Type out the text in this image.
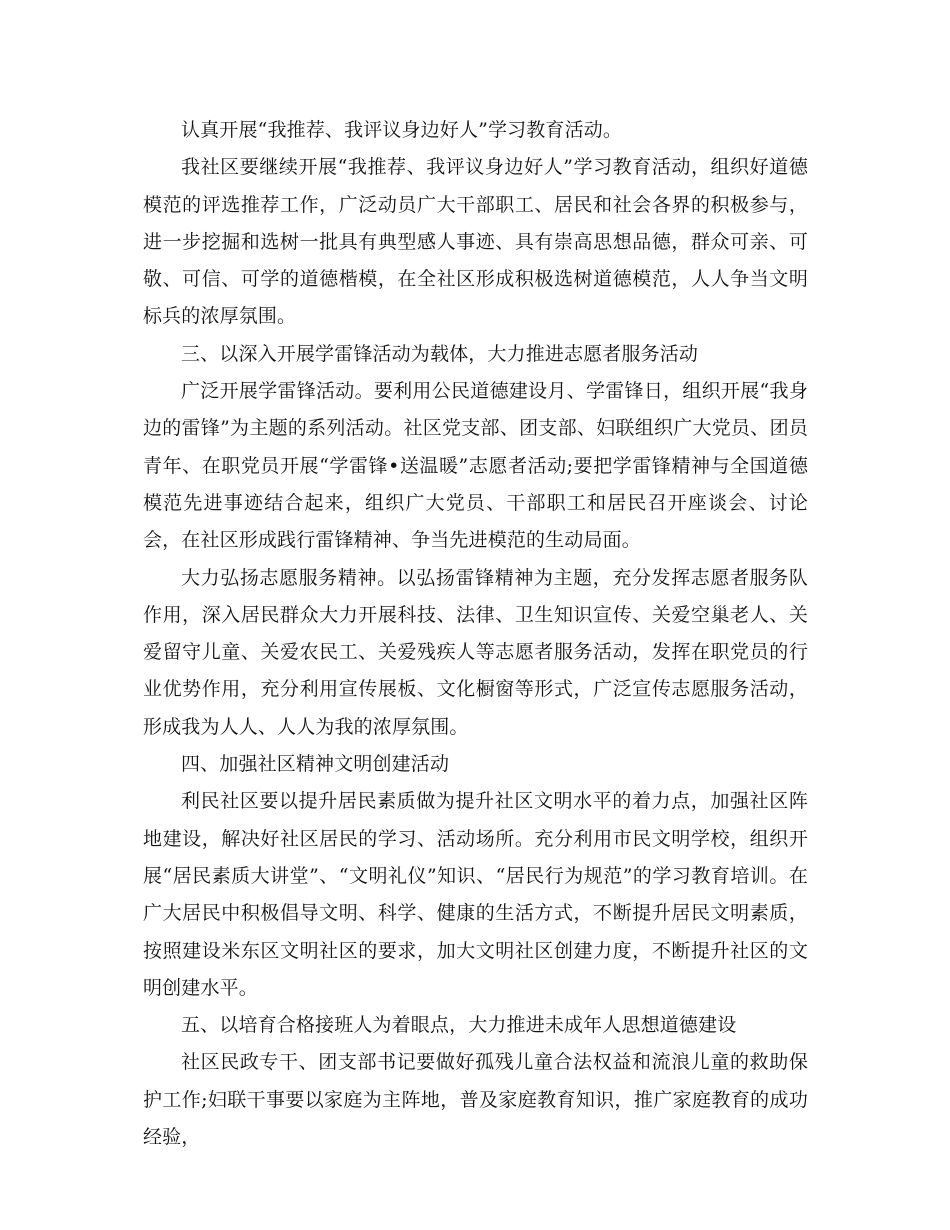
认真开展“我推荐、我评议身边好人”学习教育活动。

我社区要继续开展“我推荐、我评议身边好人”学习教育活动，组织好道德模范的评选推荐工作，广泛动员广大干部职工、居民和社会各界的积极参与，进一步挖掘和选树一批具有典型感人事迹、具有崇高思想品德，群众可亲、可敬、可信、可学的道德楷模，在全社区形成积极选树道德模范，人人争当文明标兵的浓厚氛围。

三、以深入开展学雷锋活动为载体，大力推进志愿者服务活动

广泛开展学雷锋活动。要利用公民道德建设月、学雷锋日，组织开展“我身边的雷锋”为主题的系列活动。社区党支部、团支部、妇联组织广大党员、团员青年、在职党员开展“学雷锋•送温暖”志愿者活动;要把学雷锋精神与全国道德模范先进事迹结合起来，组织广大党员、干部职工和居民召开座谈会、讨论会，在社区形成践行雷锋精神、争当先进模范的生动局面。

大力弘扬志愿服务精神。以弘扬雷锋精神为主题，充分发挥志愿者服务队作用，深入居民群众大力开展科技、法律、卫生知识宣传、关爱空巢老人、关爱留守儿童、关爱农民工、关爱残疾人等志愿者服务活动，发挥在职党员的行业优势作用，充分利用宣传展板、文化橱窗等形式，广泛宣传志愿服务活动，形成我为人人、人人为我的浓厚氛围。

四、加强社区精神文明创建活动

利民社区要以提升居民素质做为提升社区文明水平的着力点，加强社区阵地建设，解决好社区居民的学习、活动场所。充分利用市民文明学校，组织开展“居民素质大讲堂”、“文明礼仪”知识、“居民行为规范”的学习教育培训。在广大居民中积极倡导文明、科学、健康的生活方式，不断提升居民文明素质，按照建设米东区文明社区的要求，加大文明社区创建力度，不断提升社区的文明创建水平。

五、以培育合格接班人为着眼点，大力推进未成年人思想道德建设

社区民政专干、团支部书记要做好孤残儿童合法权益和流浪儿童的救助保护工作;妇联干事要以家庭为主阵地，普及家庭教育知识，推广家庭教育的成功经验，
